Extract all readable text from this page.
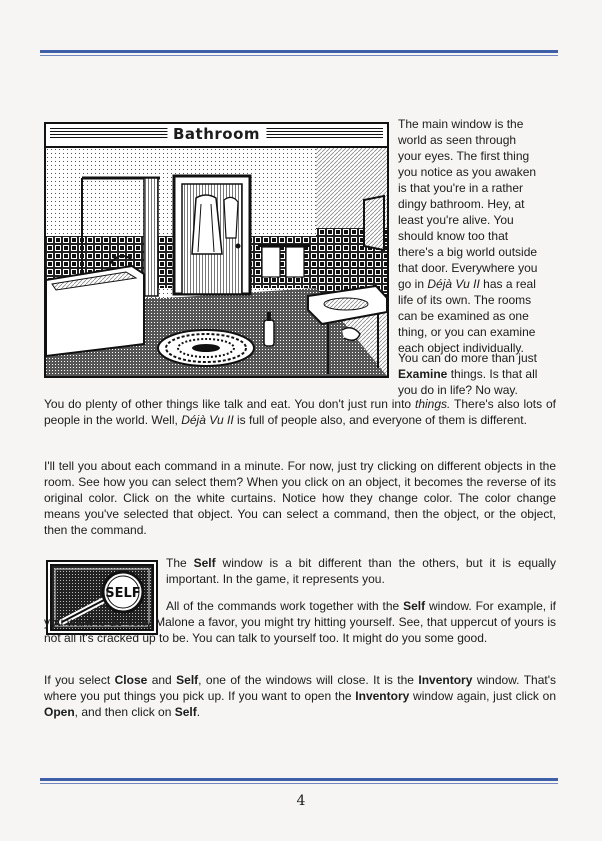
Bathroom
The main window is the
world as seen through
your eyes. The first thing
you notice as you awaken
is that you're in a rather
dingy bathroom. Hey, at
least you're alive. You
should know too that
there's a big world outside
that door. Everywhere you
go in Déjà Vu II has a real
life of its own. The rooms
can be examined as one
thing, or you can examine
each object individually.
You can do more than just
Examine things. Is that all
you do in life? No way.
You do plenty of other things like talk and eat. You don't just run into things. There's also lots of people in the world. Well, Déjà Vu II is full of people also, and everyone of them is different.
I'll tell you about each command in a minute. For now, just try clicking on different objects in the room. See how you can select them? When you click on an object, it becomes the reverse of its original color. Click on the white curtains. Notice how they change color. The color change means you've selected that object. You can select a command, then the object, or the object, then the command.
SELF
The Self window is a bit different than the others, but it is equally important. In the game, it represents you.
All of the commands work together with the Self window. For example, if you want to do Tony Malone a favor, you might try hitting yourself. See, that uppercut of yours is not all it's cracked up to be. You can talk to yourself too. It might do you some good.
If you select Close and Self, one of the windows will close. It is the Inventory window. That's where you put things you pick up. If you want to open the Inventory window again, just click on Open, and then click on Self.
4
